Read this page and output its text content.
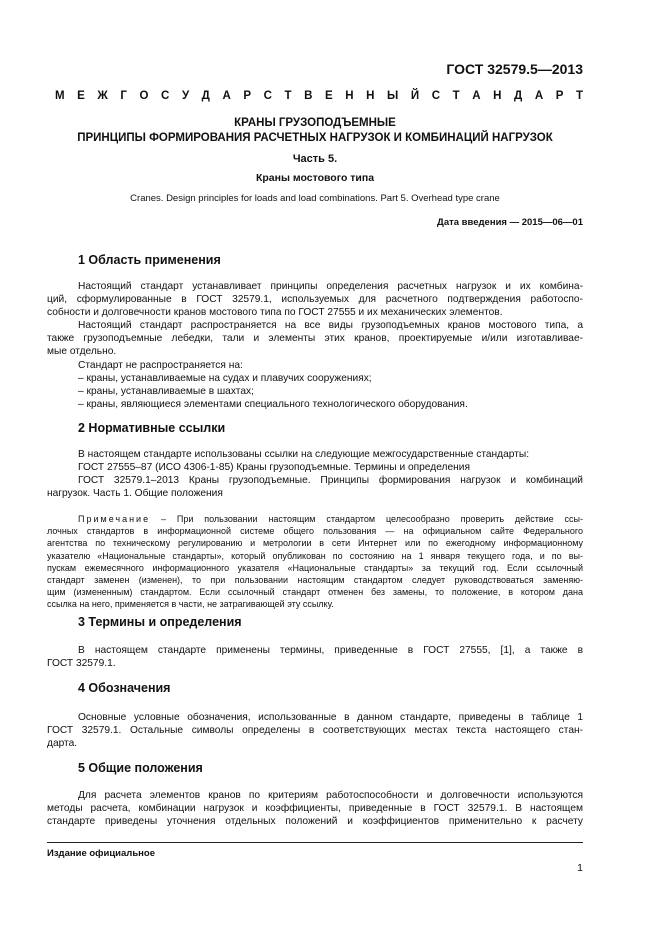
ГОСТ 32579.5—2013
М Е Ж Г О С У Д А Р С Т В Е Н Н Ы Й С Т А Н Д А Р Т
КРАНЫ ГРУЗОПОДЪЕМНЫЕ
ПРИНЦИПЫ ФОРМИРОВАНИЯ РАСЧЕТНЫХ НАГРУЗОК И КОМБИНАЦИЙ НАГРУЗОК
Часть 5.
Краны мостового типа
Cranes. Design principles for loads and load combinations. Part 5. Overhead type crane
Дата введения — 2015—06—01
1 Область применения
Настоящий стандарт устанавливает принципы определения расчетных нагрузок и их комбина-
ций, сформулированные в ГОСТ 32579.1, используемых для расчетного подтверждения работоспо-
собности и долговечности кранов мостового типа по ГОСТ 27555 и их механических элементов.
Настоящий стандарт распространяется на все виды грузоподъемных кранов мостового типа, а
также грузоподъемные лебедки, тали и элементы этих кранов, проектируемые и/или изготавливае-
мые отдельно.
Стандарт не распространяется на:
– краны, устанавливаемые на судах и плавучих сооружениях;
– краны, устанавливаемые в шахтах;
– краны, являющиеся элементами специального технологического оборудования.
2 Нормативные ссылки
В настоящем стандарте использованы ссылки на следующие межгосударственные стандарты:
ГОСТ 27555–87 (ИСО 4306-1-85) Краны грузоподъемные. Термины и определения
ГОСТ 32579.1–2013 Краны грузоподъемные. Принципы формирования нагрузок и комбинаций
нагрузок. Часть 1. Общие положения
Примечание – При пользовании настоящим стандартом целесообразно проверить действие ссы-
лочных стандартов в информационной системе общего пользования — на официальном сайте Федерального
агентства по техническому регулированию и метрологии в сети Интернет или по ежегодному информационному
указателю «Национальные стандарты», который опубликован по состоянию на 1 января текущего года, и по вы-
пускам ежемесячного информационного указателя «Национальные стандарты» за текущий год. Если ссылочный
стандарт заменен (изменен), то при пользовании настоящим стандартом следует руководствоваться заменяю-
щим (измененным) стандартом. Если ссылочный стандарт отменен без замены, то положение, в котором дана
ссылка на него, применяется в части, не затрагивающей эту ссылку.
3 Термины и определения
В настоящем стандарте применены термины, приведенные в ГОСТ 27555, [1], а также в
ГОСТ 32579.1.
4 Обозначения
Основные условные обозначения, использованные в данном стандарте, приведены в таблице 1
ГОСТ 32579.1. Остальные символы определены в соответствующих местах текста настоящего стан-
дарта.
5 Общие положения
Для расчета элементов кранов по критериям работоспособности и долговечности используются
методы расчета, комбинации нагрузок и коэффициенты, приведенные в ГОСТ 32579.1. В настоящем
стандарте приведены уточнения отдельных положений и коэффициентов применительно к расчету
Издание официальное
1
